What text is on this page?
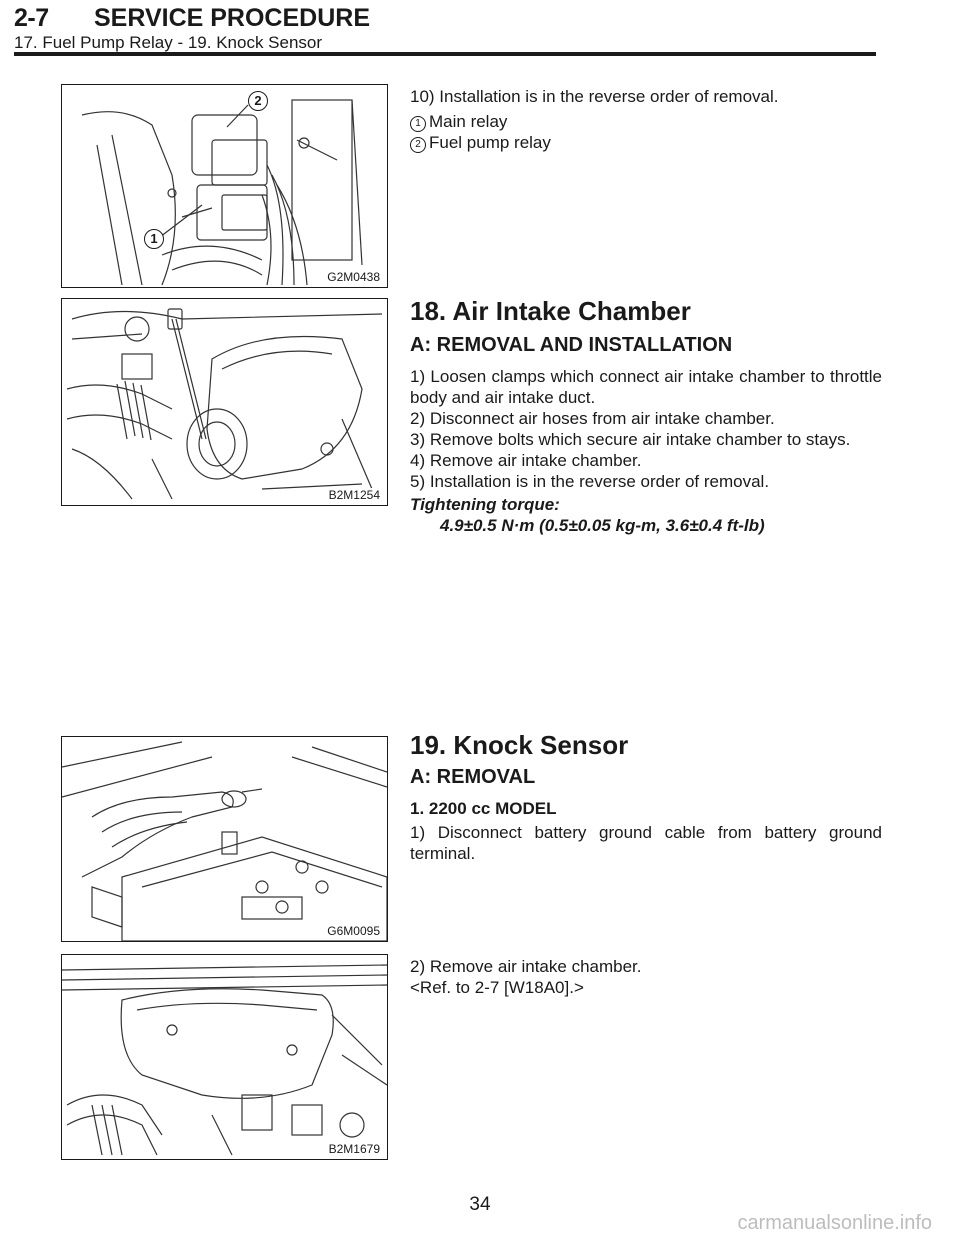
2-7 SERVICE PROCEDURE
17. Fuel Pump Relay - 19. Knock Sensor
2
1
G2M0438

10) Installation is in the reverse order of removal.

1 Main relay

2 Fuel pump relay

B2M1254
18. Air Intake Chamber
A: REMOVAL AND INSTALLATION

1) Loosen clamps which connect air intake chamber to throttle body and air intake duct.

2) Disconnect air hoses from air intake chamber.

3) Remove bolts which secure air intake chamber to stays.

4) Remove air intake chamber.

5) Installation is in the reverse order of removal.

Tightening torque:

4.9±0.5 N·m (0.5±0.05 kg-m, 3.6±0.4 ft-lb)

G6M0095
19. Knock Sensor
A: REMOVAL

1. 2200 cc MODEL

1) Disconnect battery ground cable from battery ground terminal.

B2M1679

2) Remove air intake chamber.

<Ref. to 2-7 [W18A0].>

34
carmanualsonline.info
